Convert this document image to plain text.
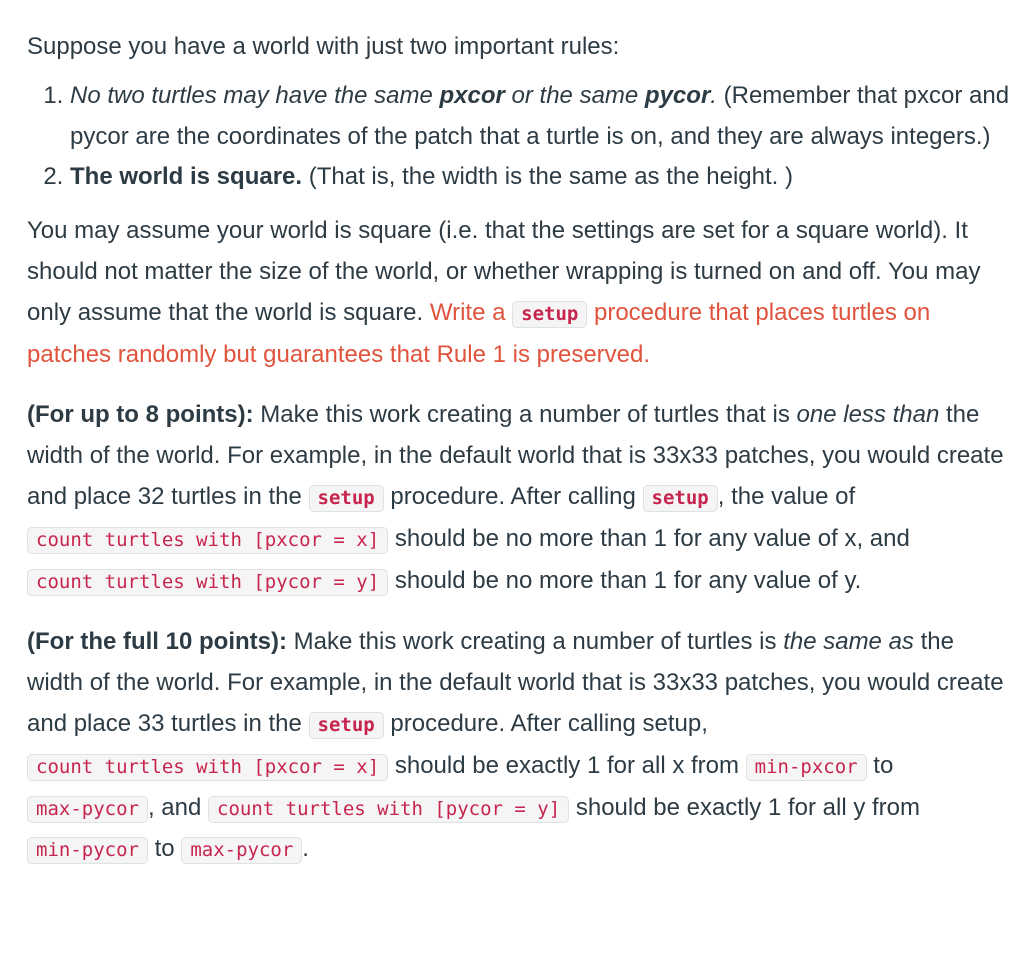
Suppose you have a world with just two important rules:

1. No two turtles may have the same pxcor or the same pycor. (Remember that pxcor and pycor are the coordinates of the patch that a turtle is on, and they are always integers.)
2. The world is square. (That is, the width is the same as the height. )

You may assume your world is square (i.e. that the settings are set for a square world). It should not matter the size of the world, or whether wrapping is turned on and off. You may only assume that the world is square. Write a setup procedure that places turtles on patches randomly but guarantees that Rule 1 is preserved.

(For up to 8 points): Make this work creating a number of turtles that is one less than the width of the world. For example, in the default world that is 33x33 patches, you would create and place 32 turtles in the setup procedure. After calling setup , the value of count turtles with [pxcor = x] should be no more than 1 for any value of x, and count turtles with [pycor = y] should be no more than 1 for any value of y.

(For the full 10 points): Make this work creating a number of turtles is the same as the width of the world. For example, in the default world that is 33x33 patches, you would create and place 33 turtles in the setup procedure. After calling setup, count turtles with [pxcor = x] should be exactly 1 for all x from min-pxcor to max-pycor , and count turtles with [pycor = y] should be exactly 1 for all y from min-pycor to max-pycor .
